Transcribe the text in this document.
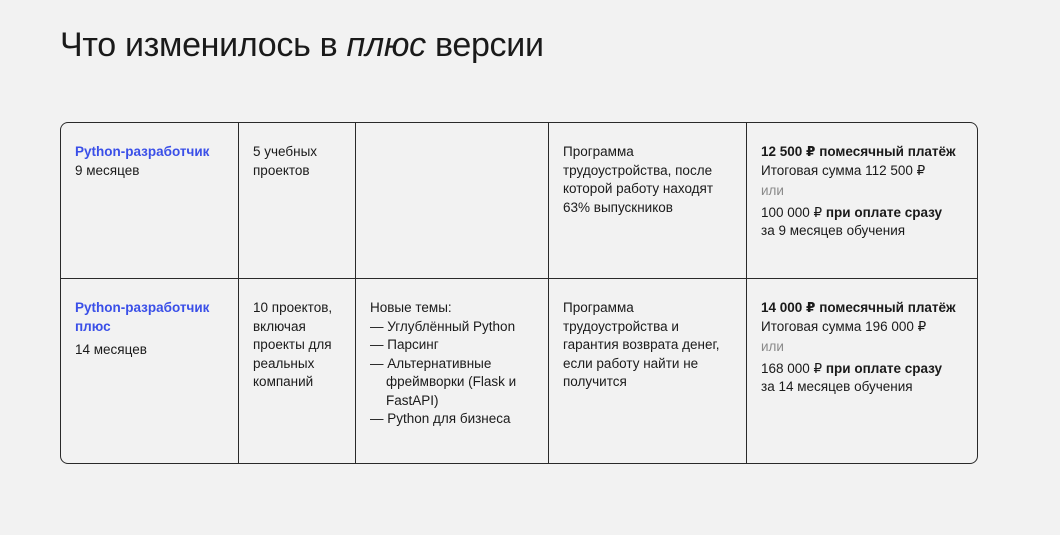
Что изменилось в плюс версии
Python-разработчик
9 месяцев
5 учебных проектов
Программа трудоустройства, после которой работу находят 63% выпускников
12 500 ₽ помесячный платёж
Итоговая сумма 112 500 ₽
или
100 000 ₽ при оплате сразу
за 9 месяцев обучения
Python-разработчик плюс
14 месяцев
10 проектов, включая проекты для реальных компаний
Новые темы:
— Углублённый Python
— Парсинг
— Альтернативные фреймворки (Flask и FastAPI)
— Python для бизнеса
Программа трудоустройства и гарантия возврата денег, если работу найти не получится
14 000 ₽ помесячный платёж
Итоговая сумма 196 000 ₽
или
168 000 ₽ при оплате сразу
за 14 месяцев обучения
